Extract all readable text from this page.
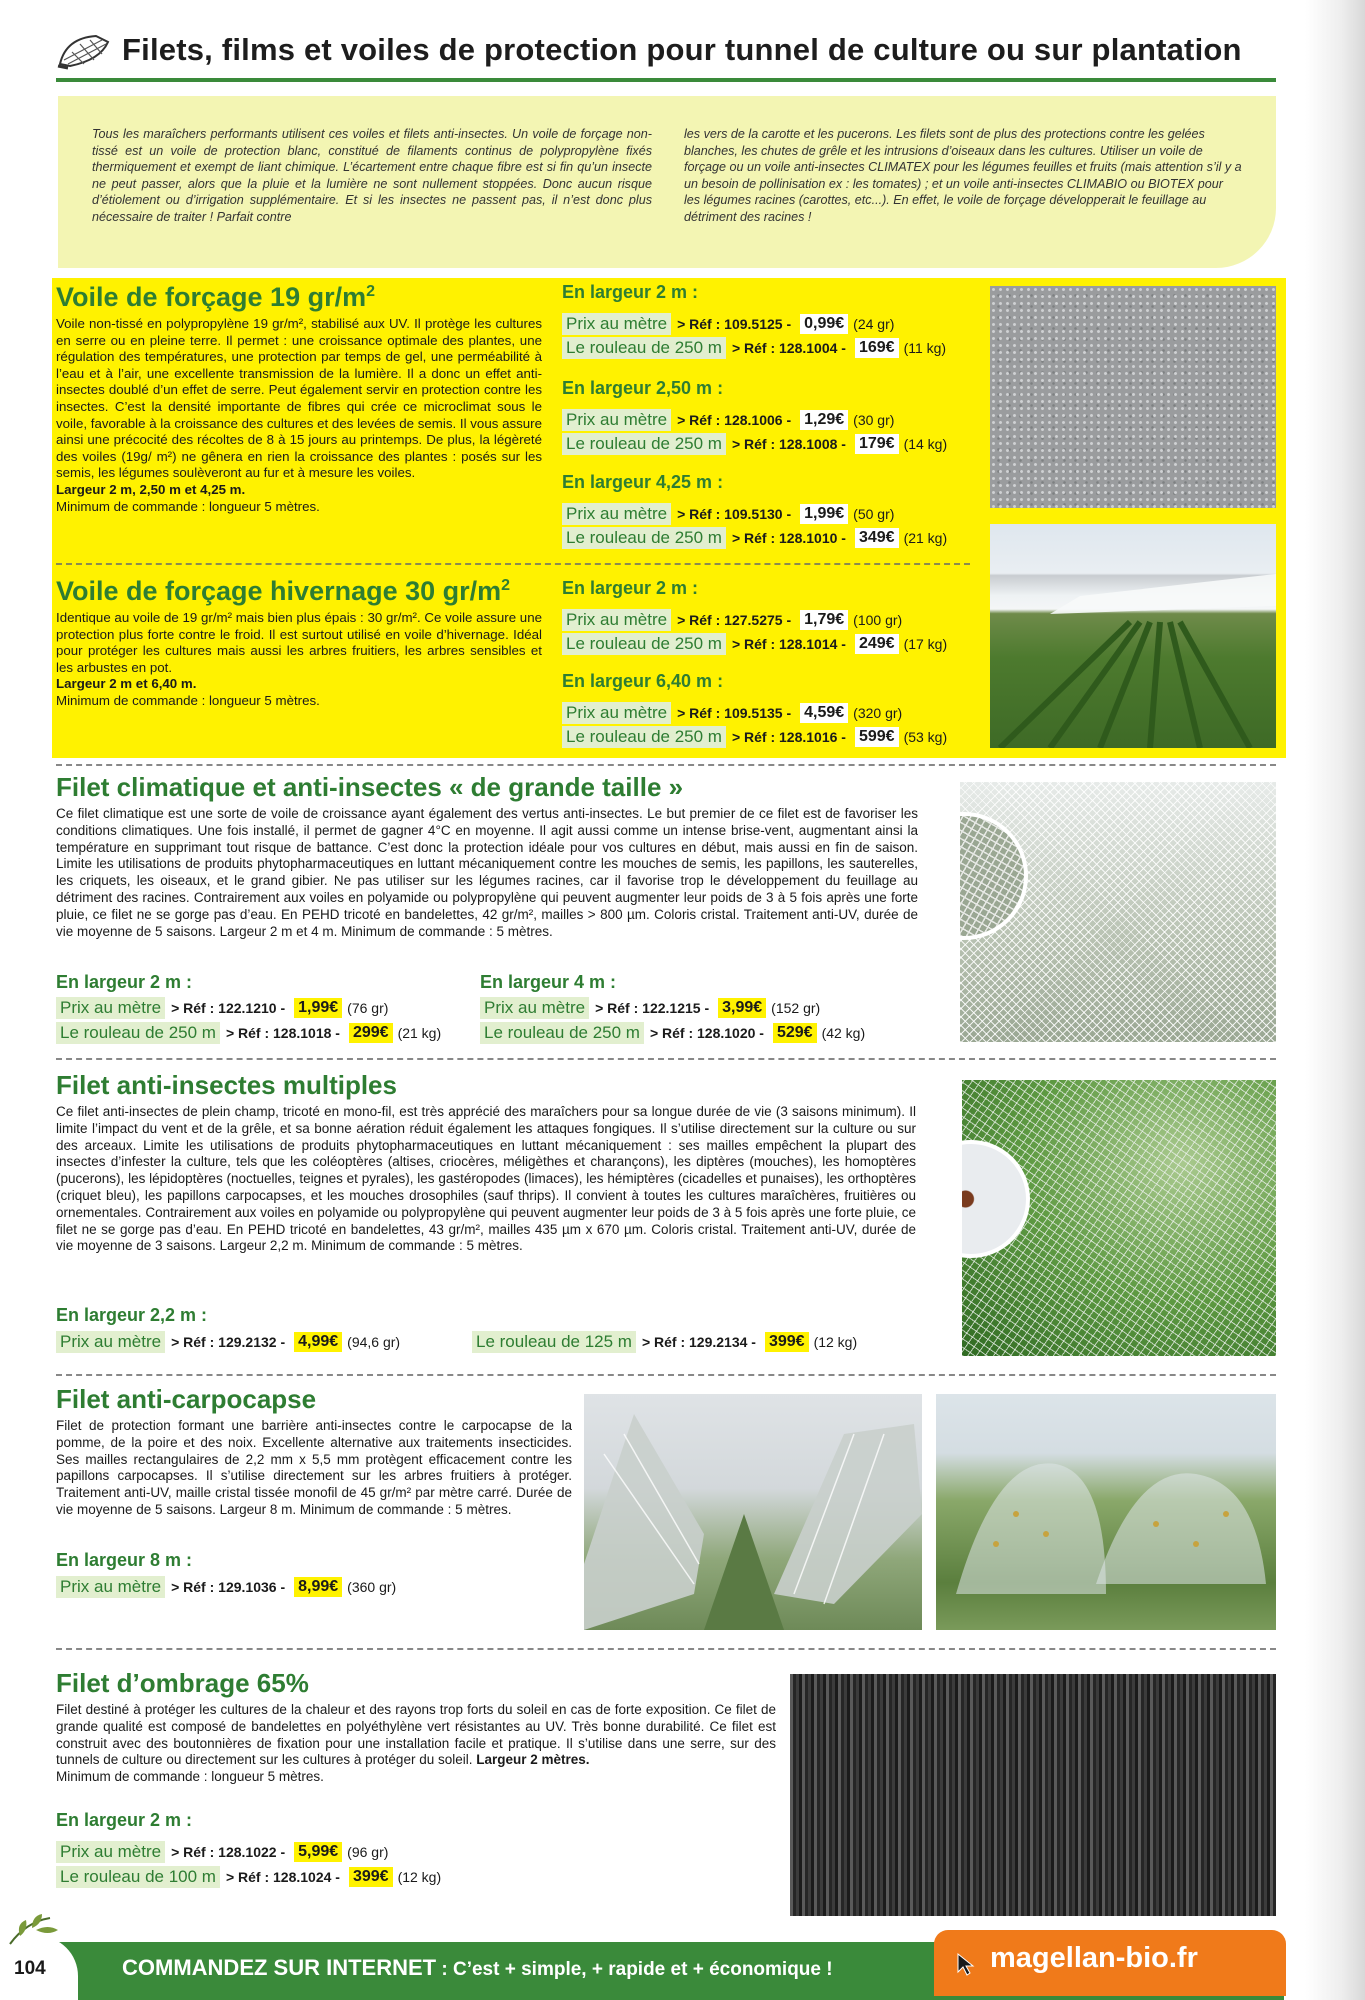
Filets, films et voiles de protection pour tunnel de culture ou sur plantation
Tous les maraîchers performants utilisent ces voiles et filets anti-insectes. Un voile de forçage non-tissé est un voile de protection blanc, constitué de filaments continus de polypropylène fixés thermiquement et exempt de liant chimique. L’écartement entre chaque fibre est si fin qu’un insecte ne peut passer, alors que la pluie et la lumière ne sont nullement stoppées. Donc aucun risque d’étiolement ou d’irrigation supplémentaire. Et si les insectes ne passent pas, il n’est donc plus nécessaire de traiter ! Parfait contre
les vers de la carotte et les pucerons. Les filets sont de plus des protections contre les gelées blanches, les chutes de grêle et les intrusions d’oiseaux dans les cultures. Utiliser un voile de forçage ou un voile anti-insectes CLIMATEX pour les légumes feuilles et fruits (mais attention s’il y a un besoin de pollinisation ex : les tomates) ; et un voile anti-insectes CLIMABIO ou BIOTEX pour les légumes racines (carottes, etc...). En effet, le voile de forçage développerait le feuillage au détriment des racines !
Voile de forçage 19 $gr/m^2$
Voile non-tissé en polypropylène 19 gr/m², stabilisé aux UV. Il protège les cultures en serre ou en pleine terre. Il permet : une croissance optimale des plantes, une régulation des températures, une protection par temps de gel, une perméabilité à l’eau et à l’air, une excellente transmission de la lumière. Il a donc un effet anti-insectes doublé d’un effet de serre. Peut également servir en protection contre les insectes. C’est la densité importante de fibres qui crée ce microclimat sous le voile, favorable à la croissance des cultures et des levées de semis. Il vous assure ainsi une précocité des récoltes de 8 à 15 jours au printemps. De plus, la légèreté des voiles (19g/ m²) ne gênera en rien la croissance des plantes : posés sur les semis, les légumes soulèveront au fur et à mesure les voiles.
Largeur 2 m, 2,50 m et 4,25 m.
Minimum de commande : longueur 5 mètres.
En largeur 2 m :
Prix au mètre > Réf : 109.5125 - 0,99€ (24 gr)
Le rouleau de 250 m > Réf : 128.1004 - 169€ (11 kg)
En largeur 2,50 m :
Prix au mètre > Réf : 128.1006 - 1,29€ (30 gr)
Le rouleau de 250 m > Réf : 128.1008 - 179€ (14 kg)
En largeur 4,25 m :
Prix au mètre > Réf : 109.5130 - 1,99€ (50 gr)
Le rouleau de 250 m > Réf : 128.1010 - 349€ (21 kg)
Voile de forçage hivernage 30 $gr/m^2$
Identique au voile de 19 gr/m² mais bien plus épais : 30 gr/m². Ce voile assure une protection plus forte contre le froid. Il est surtout utilisé en voile d’hivernage. Idéal pour protéger les cultures mais aussi les arbres fruitiers, les arbres sensibles et les arbustes en pot.
Largeur 2 m et 6,40 m.
Minimum de commande : longueur 5 mètres.
En largeur 2 m :
Prix au mètre > Réf : 127.5275 - 1,79€ (100 gr)
Le rouleau de 250 m > Réf : 128.1014 - 249€ (17 kg)
En largeur 6,40 m :
Prix au mètre > Réf : 109.5135 - 4,59€ (320 gr)
Le rouleau de 250 m > Réf : 128.1016 - 599€ (53 kg)
Filet climatique et anti-insectes « de grande taille »
Ce filet climatique est une sorte de voile de croissance ayant également des vertus anti-insectes. Le but premier de ce filet est de favoriser les conditions climatiques. Une fois installé, il permet de gagner 4°C en moyenne. Il agit aussi comme un intense brise-vent, augmentant ainsi la température en supprimant tout risque de battance. C’est donc la protection idéale pour vos cultures en début, mais aussi en fin de saison. Limite les utilisations de produits phytopharmaceutiques en luttant mécaniquement contre les mouches de semis, les papillons, les sauterelles, les criquets, les oiseaux, et le grand gibier. Ne pas utiliser sur les légumes racines, car il favorise trop le développement du feuillage au détriment des racines. Contrairement aux voiles en polyamide ou polypropylène qui peuvent augmenter leur poids de 3 à 5 fois après une forte pluie, ce filet ne se gorge pas d’eau. En PEHD tricoté en bandelettes, 42 gr/m², mailles > 800 µm. Coloris cristal. Traitement anti-UV, durée de vie moyenne de 5 saisons. Largeur 2 m et 4 m. Minimum de commande : 5 mètres.
En largeur 2 m :
Prix au mètre > Réf : 122.1210 - 1,99€ (76 gr)
Le rouleau de 250 m > Réf : 128.1018 - 299€ (21 kg)
En largeur 4 m :
Prix au mètre > Réf : 122.1215 - 3,99€ (152 gr)
Le rouleau de 250 m > Réf : 128.1020 - 529€ (42 kg)
Filet anti-insectes multiples
Ce filet anti-insectes de plein champ, tricoté en mono-fil, est très apprécié des maraîchers pour sa longue durée de vie (3 saisons minimum). Il limite l’impact du vent et de la grêle, et sa bonne aération réduit également les attaques fongiques. Il s’utilise directement sur la culture ou sur des arceaux. Limite les utilisations de produits phytopharmaceutiques en luttant mécaniquement : ses mailles empêchent la plupart des insectes d’infester la culture, tels que les coléoptères (altises, criocères, méligèthes et charançons), les diptères (mouches), les homoptères (pucerons), les lépidoptères (noctuelles, teignes et pyrales), les gastéropodes (limaces), les hémiptères (cicadelles et punaises), les orthoptères (criquet bleu), les papillons carpocapses, et les mouches drosophiles (sauf thrips). Il convient à toutes les cultures maraîchères, fruitières ou ornementales. Contrairement aux voiles en polyamide ou polypropylène qui peuvent augmenter leur poids de 3 à 5 fois après une forte pluie, ce filet ne se gorge pas d’eau. En PEHD tricoté en bandelettes, 43 gr/m², mailles 435 µm x 670 µm. Coloris cristal. Traitement anti-UV, durée de vie moyenne de 3 saisons. Largeur 2,2 m. Minimum de commande : 5 mètres.
En largeur 2,2 m :
Prix au mètre > Réf : 129.2132 - 4,99€ (94,6 gr)	Le rouleau de 125 m > Réf : 129.2134 - 399€ (12 kg)
Filet anti-carpocapse
Filet de protection formant une barrière anti-insectes contre le carpocapse de la pomme, de la poire et des noix. Excellente alternative aux traitements insecticides. Ses mailles rectangulaires de 2,2 mm x 5,5 mm protègent efficacement contre les papillons carpocapses. Il s’utilise directement sur les arbres fruitiers à protéger. Traitement anti-UV, maille cristal tissée monofil de 45 gr/m² par mètre carré. Durée de vie moyenne de 5 saisons. Largeur 8 m. Minimum de commande : 5 mètres.
En largeur 8 m :
Prix au mètre > Réf : 129.1036 - 8,99€ (360 gr)
Filet d’ombrage 65%
Filet destiné à protéger les cultures de la chaleur et des rayons trop forts du soleil en cas de forte exposition. Ce filet de grande qualité est composé de bandelettes en polyéthylène vert résistantes au UV. Très bonne durabilité. Ce filet est construit avec des boutonnières de fixation pour une installation facile et pratique. Il s’utilise dans une serre, sur des tunnels de culture ou directement sur les cultures à protéger du soleil. Largeur 2 mètres.
Minimum de commande : longueur 5 mètres.
En largeur 2 m :
Prix au mètre > Réf : 128.1022 - 5,99€ (96 gr)
Le rouleau de 100 m > Réf : 128.1024 - 399€ (12 kg)
COMMANDEZ SUR INTERNET : C’est + simple, + rapide et + économique !	magellan-bio.fr
104
